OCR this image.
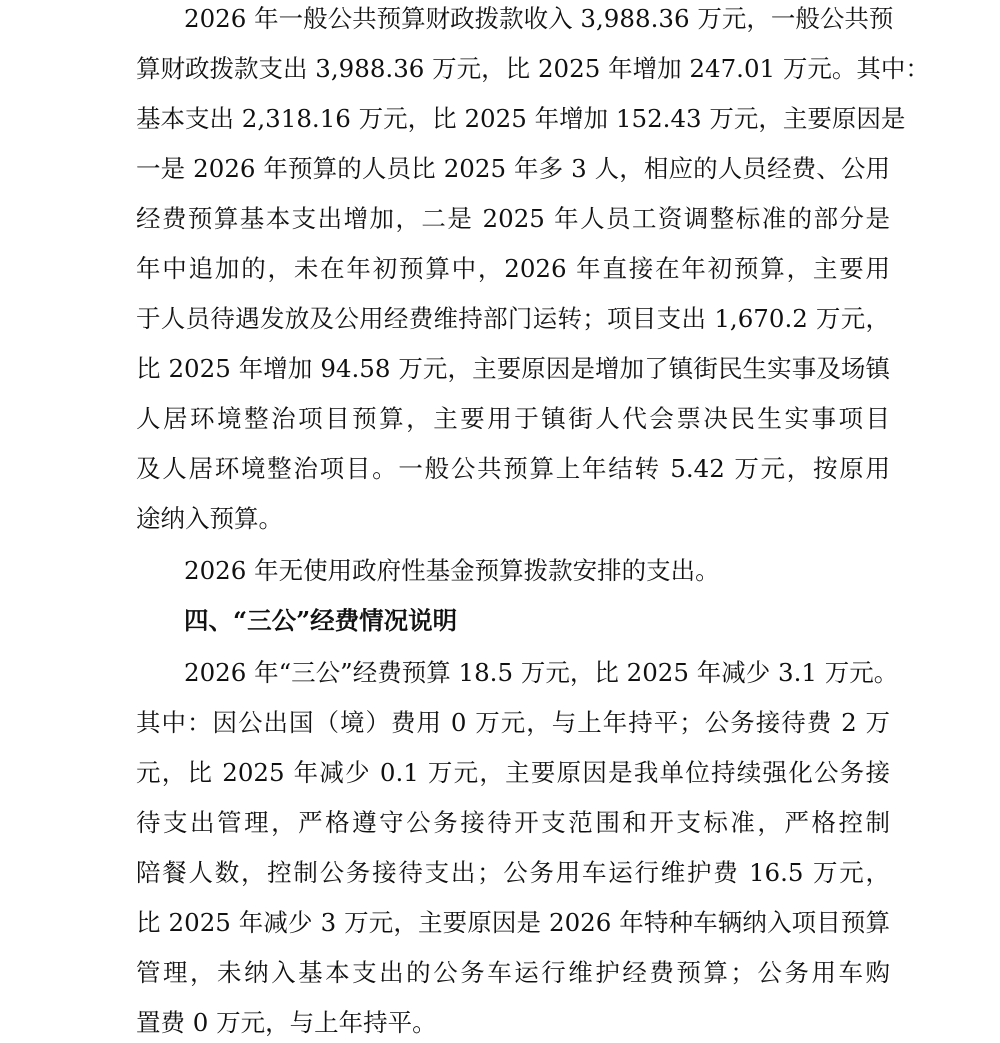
2026 年一般公共预算财政拨款收入 3,988.36 万元，一般公共预
算财政拨款支出 3,988.36 万元，比 2025 年增加 247.01 万元。其中：
基本支出 2,318.16 万元，比 2025 年增加 152.43 万元，主要原因是
一是 2026 年预算的人员比 2025 年多 3 人，相应的人员经费、公用
经费预算基本支出增加，二是 2025 年人员工资调整标准的部分是
年中追加的，未在年初预算中，2026 年直接在年初预算，主要用
于人员待遇发放及公用经费维持部门运转；项目支出 1,670.2 万元，
比 2025 年增加 94.58 万元，主要原因是增加了镇街民生实事及场镇
人居环境整治项目预算，主要用于镇街人代会票决民生实事项目
及人居环境整治项目。一般公共预算上年结转 5.42 万元，按原用
途纳入预算。
2026 年无使用政府性基金预算拨款安排的支出。
四、“三公”经费情况说明
2026 年“三公”经费预算 18.5 万元，比 2025 年减少 3.1 万元。
其中：因公出国（境）费用 0 万元，与上年持平；公务接待费 2 万
元，比 2025 年减少 0.1 万元，主要原因是我单位持续强化公务接
待支出管理，严格遵守公务接待开支范围和开支标准，严格控制
陪餐人数，控制公务接待支出；公务用车运行维护费 16.5 万元，
比 2025 年减少 3 万元，主要原因是 2026 年特种车辆纳入项目预算
管理，未纳入基本支出的公务车运行维护经费预算；公务用车购
置费 0 万元，与上年持平。
